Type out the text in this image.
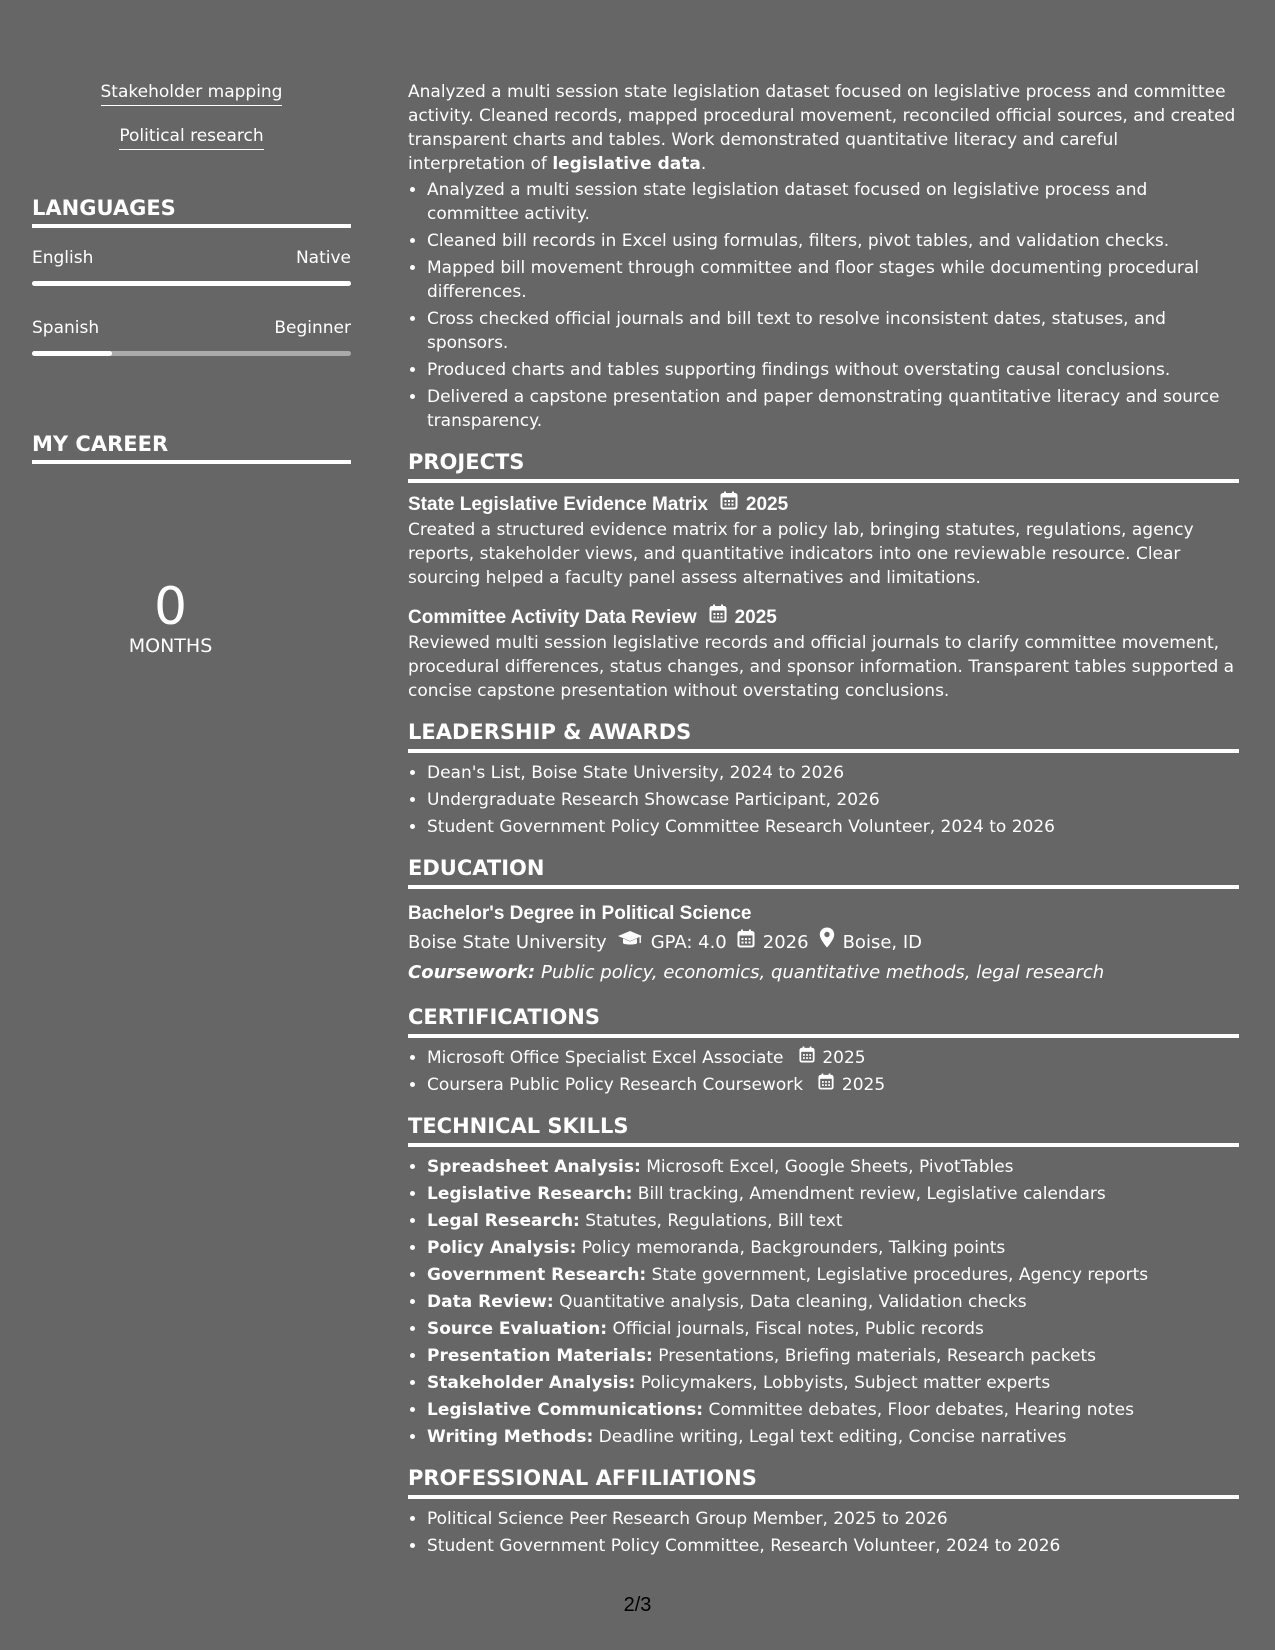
Stakeholder mapping
Political research
LANGUAGES
English	Native
Spanish	Beginner
MY CAREER
0
MONTHS

Analyzed a multi session state legislation dataset focused on legislative process and committee activity. Cleaned records, mapped procedural movement, reconciled official sources, and created transparent charts and tables. Work demonstrated quantitative literacy and careful interpretation of legislative data.

• Analyzed a multi session state legislation dataset focused on legislative process and committee activity.
• Cleaned bill records in Excel using formulas, filters, pivot tables, and validation checks.
• Mapped bill movement through committee and floor stages while documenting procedural differences.
• Cross checked official journals and bill text to resolve inconsistent dates, statuses, and sponsors.
• Produced charts and tables supporting findings without overstating causal conclusions.
• Delivered a capstone presentation and paper demonstrating quantitative literacy and source transparency.
PROJECTS
State Legislative Evidence Matrix 2025
Created a structured evidence matrix for a policy lab, bringing statutes, regulations, agency reports, stakeholder views, and quantitative indicators into one reviewable resource. Clear sourcing helped a faculty panel assess alternatives and limitations.
Committee Activity Data Review 2025
Reviewed multi session legislative records and official journals to clarify committee movement, procedural differences, status changes, and sponsor information. Transparent tables supported a concise capstone presentation without overstating conclusions.
LEADERSHIP & AWARDS
• Dean's List, Boise State University, 2024 to 2026
• Undergraduate Research Showcase Participant, 2026
• Student Government Policy Committee Research Volunteer, 2024 to 2026
EDUCATION
Bachelor's Degree in Political Science
Boise State University GPA: 4.0 2026 Boise, ID
Coursework: Public policy, economics, quantitative methods, legal research
CERTIFICATIONS
• Microsoft Office Specialist Excel Associate 2025
• Coursera Public Policy Research Coursework 2025
TECHNICAL SKILLS
• Spreadsheet Analysis: Microsoft Excel, Google Sheets, PivotTables
• Legislative Research: Bill tracking, Amendment review, Legislative calendars
• Legal Research: Statutes, Regulations, Bill text
• Policy Analysis: Policy memoranda, Backgrounders, Talking points
• Government Research: State government, Legislative procedures, Agency reports
• Data Review: Quantitative analysis, Data cleaning, Validation checks
• Source Evaluation: Official journals, Fiscal notes, Public records
• Presentation Materials: Presentations, Briefing materials, Research packets
• Stakeholder Analysis: Policymakers, Lobbyists, Subject matter experts
• Legislative Communications: Committee debates, Floor debates, Hearing notes
• Writing Methods: Deadline writing, Legal text editing, Concise narratives
PROFESSIONAL AFFILIATIONS
• Political Science Peer Research Group Member, 2025 to 2026
• Student Government Policy Committee, Research Volunteer, 2024 to 2026
2/3
